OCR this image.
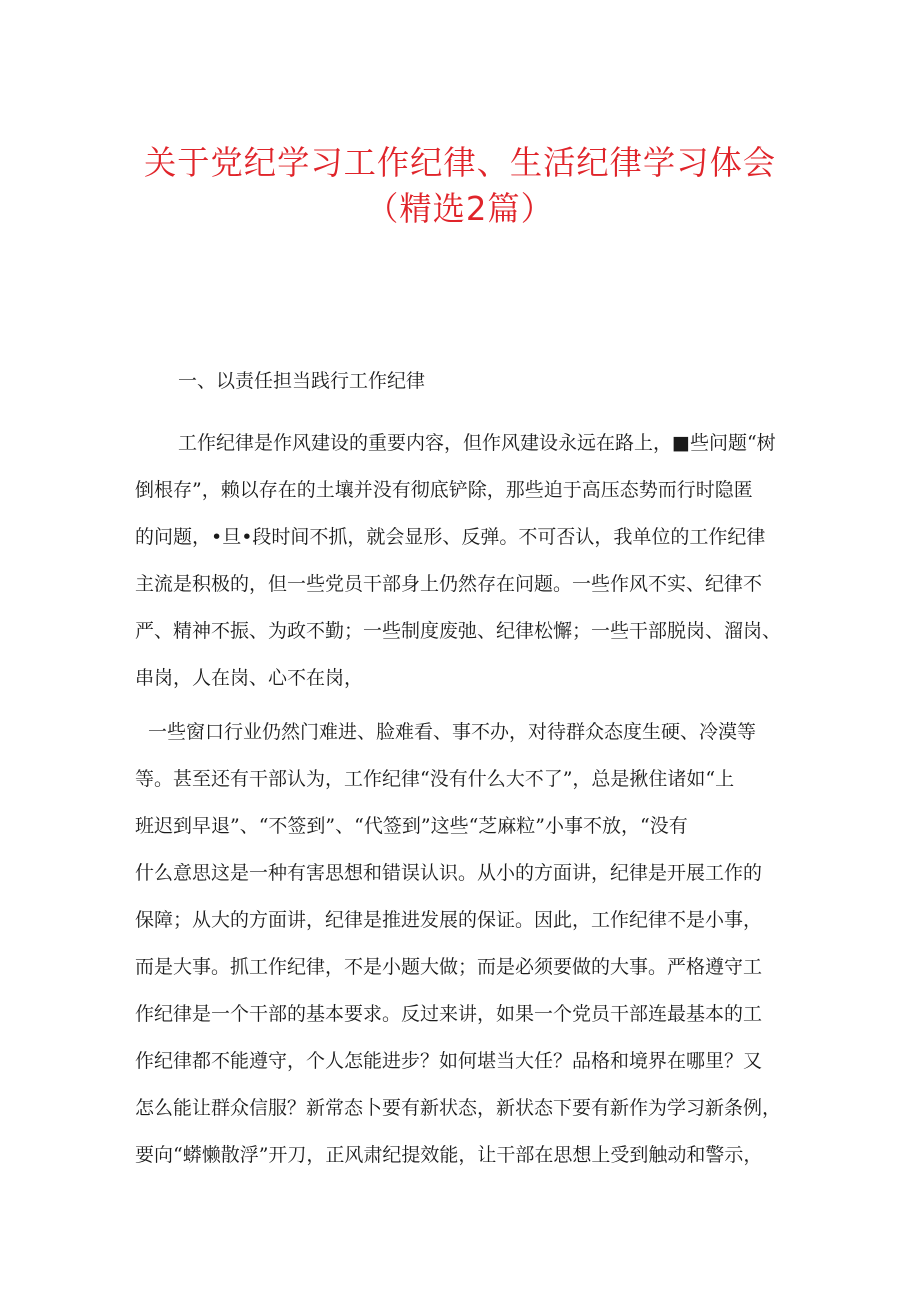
关于党纪学习工作纪律、生活纪律学习体会
（精选2篇）
一、以责任担当践行工作纪律
工作纪律是作风建设的重要内容，但作风建设永远在路上，■些问题“树
倒根存”，赖以存在的土壤并没有彻底铲除，那些迫于高压态势而行时隐匿
的问题，•旦•段时间不抓，就会显形、反弹。不可否认，我单位的工作纪律
主流是积极的，但一些党员干部身上仍然存在问题。一些作风不实、纪律不
严、精神不振、为政不勤；一些制度废弛、纪律松懈；一些干部脱岗、溜岗、
串岗，人在岗、心不在岗，
一些窗口行业仍然门难进、脸难看、事不办，对待群众态度生硬、冷漠等
等。甚至还有干部认为，工作纪律“没有什么大不了”，总是揪住诸如“上
班迟到早退”、“不签到”、“代签到”这些“芝麻粒”小事不放，“没有
什么意思这是一种有害思想和错误认识。从小的方面讲，纪律是开展工作的
保障；从大的方面讲，纪律是推进发展的保证。因此，工作纪律不是小事，
而是大事。抓工作纪律，不是小题大做；而是必须要做的大事。严格遵守工
作纪律是一个干部的基本要求。反过来讲，如果一个党员干部连最基本的工
作纪律都不能遵守，个人怎能进步？如何堪当大任？品格和境界在哪里？又
怎么能让群众信服？新常态卜要有新状态，新状态下要有新作为学习新条例，
要向“蟒懒散浮”开刀，正风肃纪提效能，让干部在思想上受到触动和警示，
